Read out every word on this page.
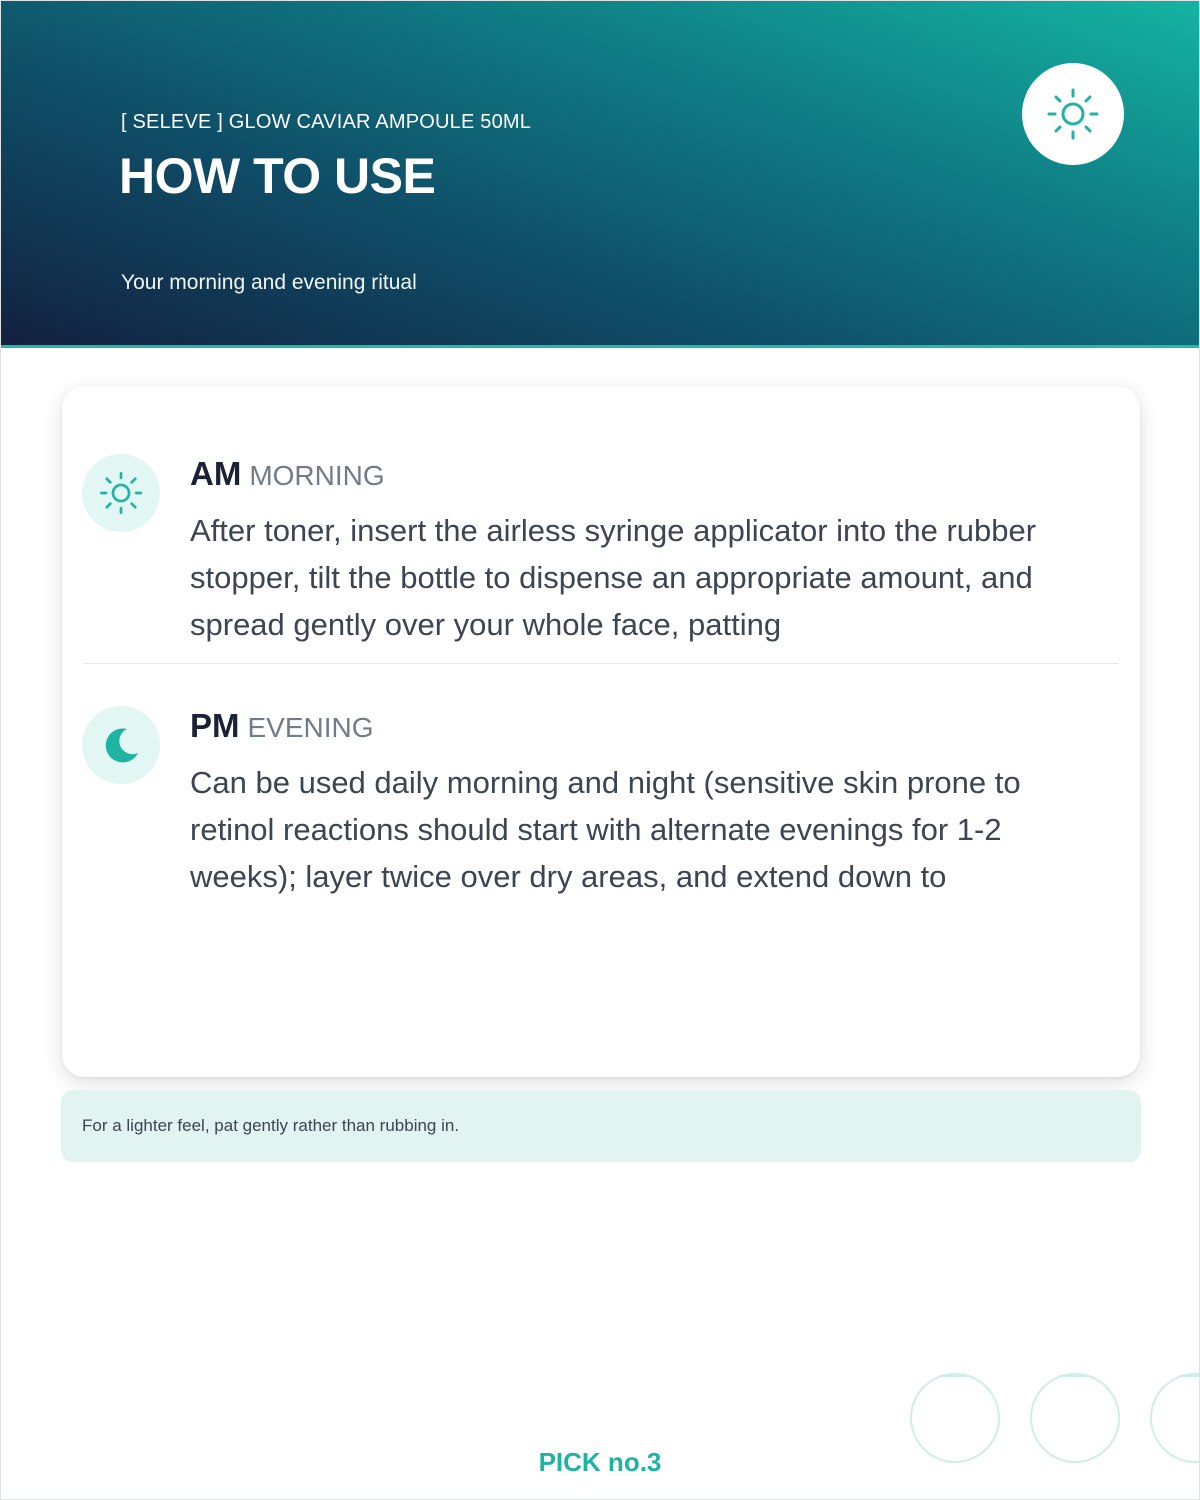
[ SELEVE ] GLOW CAVIAR AMPOULE 50ML
HOW TO USE
Your morning and evening ritual
AM MORNING
After toner, insert the airless syringe applicator into the rubber stopper, tilt the bottle to dispense an appropriate amount, and spread gently over your whole face, patting
PM EVENING
Can be used daily morning and night (sensitive skin prone to retinol reactions should start with alternate evenings for 1-2 weeks); layer twice over dry areas, and extend down to
For a lighter feel, pat gently rather than rubbing in.
PICK no.3
